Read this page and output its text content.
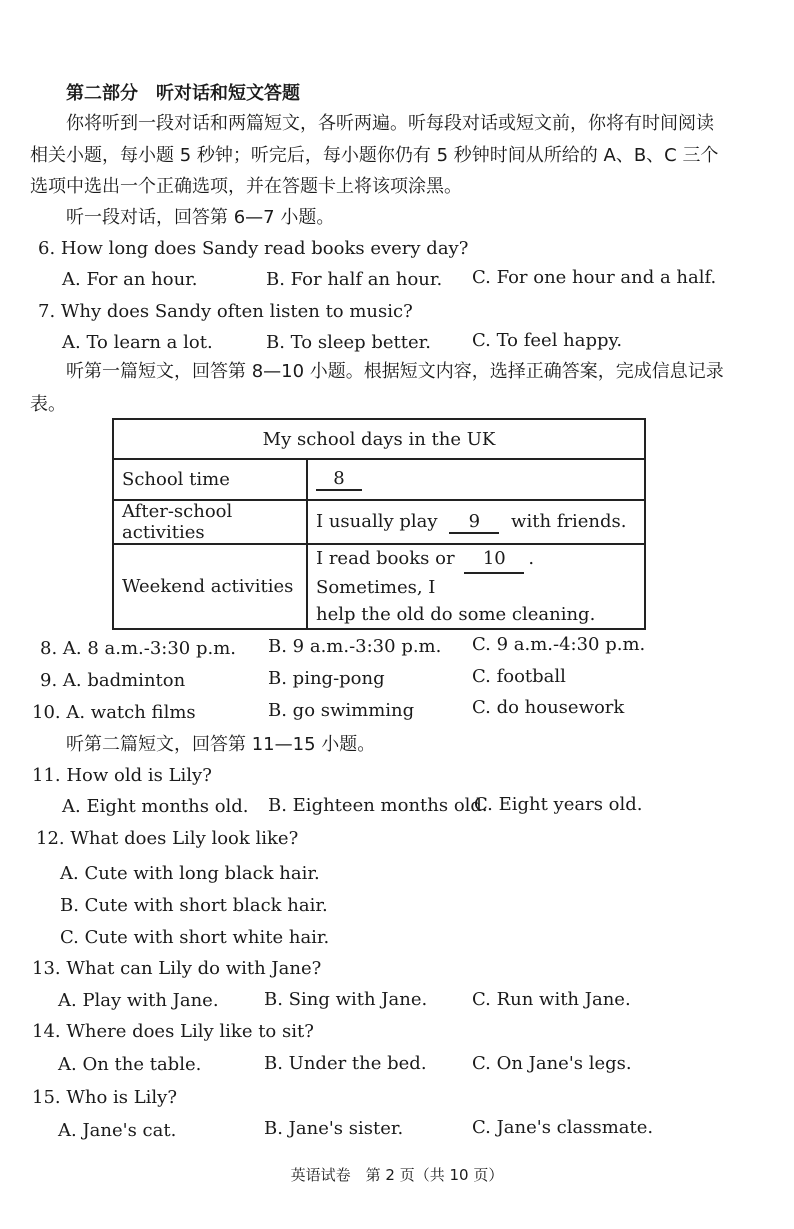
第二部分　听对话和短文答题
你将听到一段对话和两篇短文，各听两遍。听每段对话或短文前，你将有时间阅读
相关小题，每小题 5 秒钟；听完后，每小题你仍有 5 秒钟时间从所给的 A、B、C 三个
选项中选出一个正确选项，并在答题卡上将该项涂黑。
听一段对话，回答第 6—7 小题。
6. How long does Sandy read books every day?
A. For an hour.	B. For half an hour. C. For one hour and a half.
7. Why does Sandy often listen to music?
A. To learn a lot.	B. To sleep better. C. To feel happy.
听第一篇短文，回答第 8—10 小题。根据短文内容，选择正确答案，完成信息记录
表。
My school days in the UK	
School time	8
After-school activities	I usually play 9 with friends.
Weekend activities	I read books or 10 . Sometimes, I
help the old do some cleaning.
8. A. 8 a.m.-3:30 p.m. B. 9 a.m.-3:30 p.m. C. 9 a.m.-4:30 p.m.
9. A. badminton	B. ping-pong	C. football
10. A. watch films	B. go swimming	C. do housework
听第二篇短文，回答第 11—15 小题。
11. How old is Lily?
A. Eight months old. B. Eighteen months old.
C. Eight years old.
12. What does Lily look like?
A. Cute with long black hair.
B. Cute with short black hair.
C. Cute with short white hair.
13. What can Lily do with Jane?
A. Play with Jane.	B. Sing with Jane. C. Run with Jane.
14. Where does Lily like to sit?
A. On the table.	B. Under the bed.	C. On Jane's legs.
15. Who is Lily?
A. Jane's cat.	B. Jane's sister.	C. Jane's classmate.
英语试卷　第 2 页（共 10 页）
